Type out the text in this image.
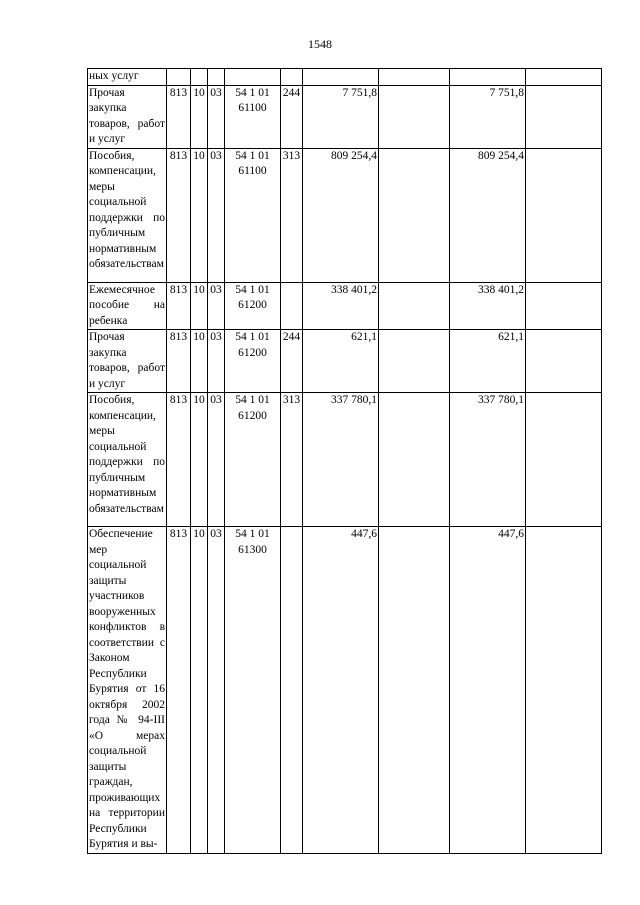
1548
ных услуг									
Прочая закупка товаров, работ и услуг	813	10	03	54 1 01 61100	244	7 751,8		7 751,8	
Пособия, компенсации, меры социальной поддержки по публичным нормативным обязательствам	813	10	03	54 1 01 61100	313	809 254,4		809 254,4	
Ежемесячное пособие на ребенка	813	10	03	54 1 01 61200		338 401,2		338 401,2	
Прочая закупка товаров, работ и услуг	813	10	03	54 1 01 61200	244	621,1		621,1	
Пособия, компенсации, меры социальной поддержки по публичным нормативным обязательствам	813	10	03	54 1 01 61200	313	337 780,1		337 780,1	
Обеспечение мер социальной защиты участников вооруженных конфликтов в соответствии с Законом Республики Бурятия от 16 октября 2002 года № 94-III «О мерах социальной защиты граждан, проживающих на территории Республики Бурятия и вы-	813	10	03	54 1 01 61300		447,6		447,6	
